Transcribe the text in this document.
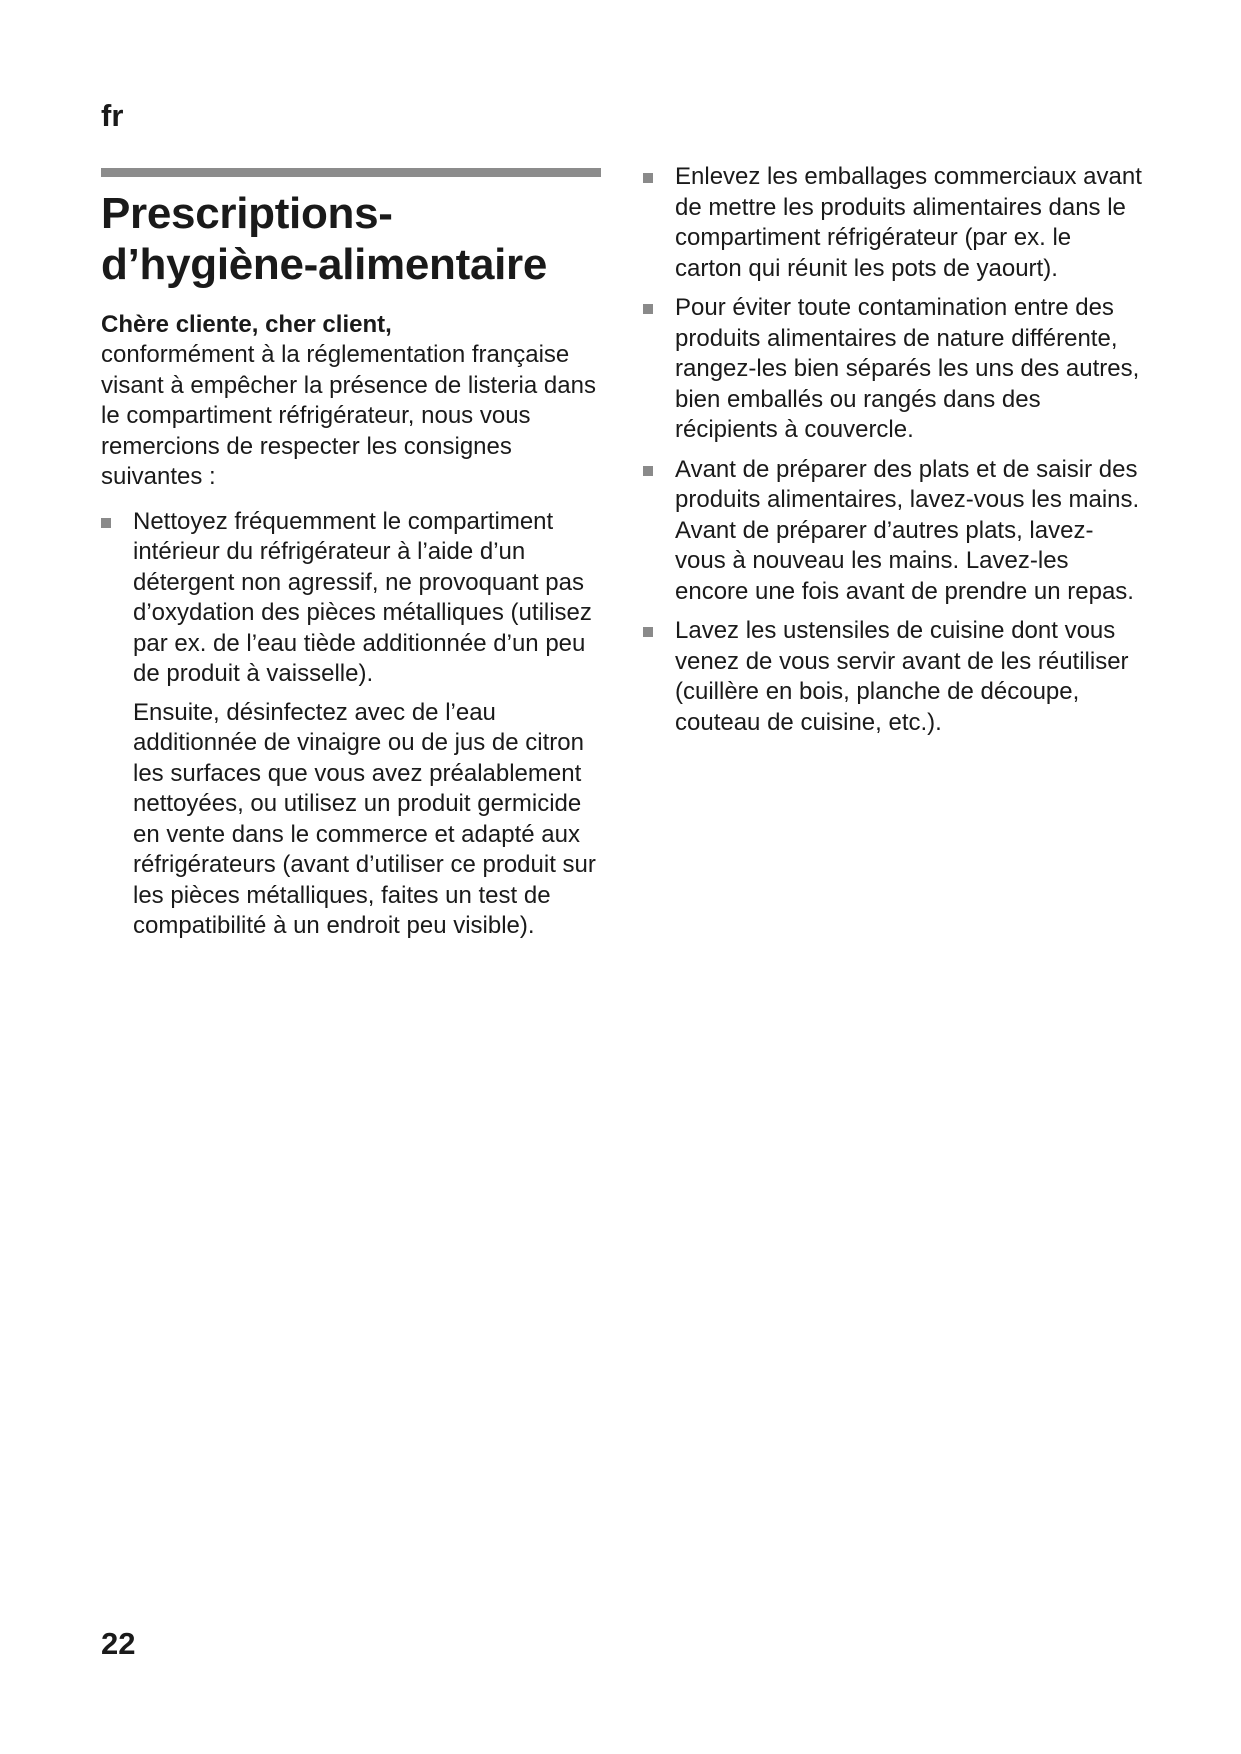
fr
Prescriptions-d’hygiène-alimentaire

Chère cliente, cher client,

conformément à la réglementation française visant à empêcher la présence de listeria dans le compartiment réfrigérateur, nous vous remercions de respecter les consignes suivantes :

Nettoyez fréquemment le compartiment intérieur du réfrigérateur à l’aide d’un détergent non agressif, ne provoquant pas d’oxydation des pièces métalliques (utilisez par ex. de l’eau tiède additionnée d’un peu de produit à vaisselle).

Ensuite, désinfectez avec de l’eau additionnée de vinaigre ou de jus de citron les surfaces que vous avez préalablement nettoyées, ou utilisez un produit germicide en vente dans le commerce et adapté aux réfrigérateurs (avant d’utiliser ce produit sur les pièces métalliques, faites un test de compatibilité à un endroit peu visible).

Enlevez les emballages commerciaux avant de mettre les produits alimentaires dans le compartiment réfrigérateur (par ex. le carton qui réunit les pots de yaourt).

Pour éviter toute contamination entre des produits alimentaires de nature différente, rangez-les bien séparés les uns des autres, bien emballés ou rangés dans des récipients à couvercle.

Avant de préparer des plats et de saisir des produits alimentaires, lavez-vous les mains. Avant de préparer d’autres plats, lavez-vous à nouveau les mains. Lavez-les encore une fois avant de prendre un repas.

Lavez les ustensiles de cuisine dont vous venez de vous servir avant de les réutiliser (cuillère en bois, planche de découpe, couteau de cuisine, etc.).

22
